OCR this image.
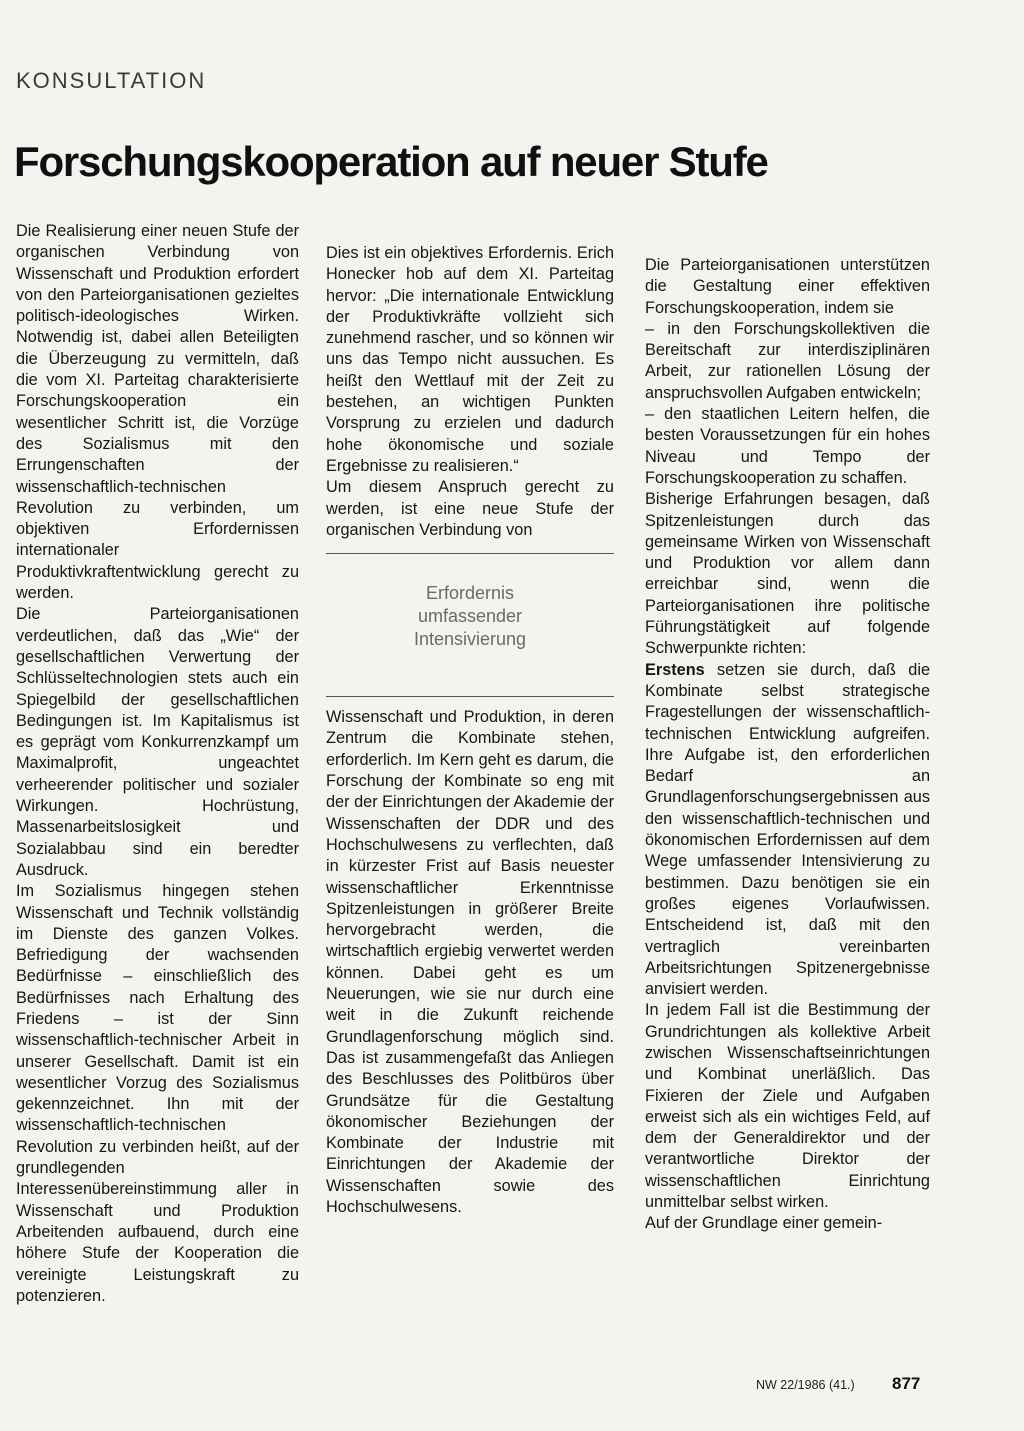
KONSULTATION
Forschungskooperation auf neuer Stufe

Die Realisierung einer neuen Stufe der organischen Verbindung von Wissenschaft und Produktion erfordert von den Parteiorganisationen gezieltes politisch-ideologisches Wirken. Notwendig ist, dabei allen Beteiligten die Überzeugung zu vermitteln, daß die vom XI. Parteitag charakterisierte Forschungskooperation ein wesentlicher Schritt ist, die Vorzüge des Sozialismus mit den Errungenschaften der wissenschaftlich-technischen Revolution zu verbinden, um objektiven Erfordernissen internationaler Produktivkraftentwicklung gerecht zu werden.

Die Parteiorganisationen verdeutlichen, daß das „Wie“ der gesellschaftlichen Verwertung der Schlüsseltechnologien stets auch ein Spiegelbild der gesellschaftlichen Bedingungen ist. Im Kapitalismus ist es geprägt vom Konkurrenzkampf um Maximalprofit, ungeachtet verheerender politischer und sozialer Wirkungen. Hochrüstung, Massenarbeitslosigkeit und Sozialabbau sind ein beredter Ausdruck.

Im Sozialismus hingegen stehen Wissenschaft und Technik vollständig im Dienste des ganzen Volkes. Befriedigung der wachsenden Bedürfnisse – einschließlich des Bedürfnisses nach Erhaltung des Friedens – ist der Sinn wissenschaftlich-technischer Arbeit in unserer Gesellschaft. Damit ist ein wesentlicher Vorzug des Sozialismus gekennzeichnet. Ihn mit der wissenschaftlich-technischen Revolution zu verbinden heißt, auf der grundlegenden Interessenübereinstimmung aller in Wissenschaft und Produktion Arbeitenden aufbauend, durch eine höhere Stufe der Kooperation die vereinigte Leistungskraft zu potenzieren.

Dies ist ein objektives Erfordernis. Erich Honecker hob auf dem XI. Parteitag hervor: „Die internationale Entwicklung der Produktivkräfte vollzieht sich zunehmend rascher, und so können wir uns das Tempo nicht aussuchen. Es heißt den Wettlauf mit der Zeit zu bestehen, an wichtigen Punkten Vorsprung zu erzielen und dadurch hohe ökonomische und soziale Ergebnisse zu realisieren.“

Um diesem Anspruch gerecht zu werden, ist eine neue Stufe der organischen Verbindung von

Erfordernis
umfassender
Intensivierung

Wissenschaft und Produktion, in deren Zentrum die Kombinate stehen, erforderlich. Im Kern geht es darum, die Forschung der Kombinate so eng mit der der Einrichtungen der Akademie der Wissenschaften der DDR und des Hochschulwesens zu verflechten, daß in kürzester Frist auf Basis neuester wissenschaftlicher Erkenntnisse Spitzenleistungen in größerer Breite hervorgebracht werden, die wirtschaftlich ergiebig verwertet werden können. Dabei geht es um Neuerungen, wie sie nur durch eine weit in die Zukunft reichende Grundlagenforschung möglich sind. Das ist zusammengefaßt das Anliegen des Beschlusses des Politbüros über Grundsätze für die Gestaltung ökonomischer Beziehungen der Kombinate der Industrie mit Einrichtungen der Akademie der Wissenschaften sowie des Hochschulwesens.

Die Parteiorganisationen unterstützen die Gestaltung einer effektiven Forschungskooperation, indem sie

– in den Forschungskollektiven die Bereitschaft zur interdisziplinären Arbeit, zur rationellen Lösung der anspruchsvollen Aufgaben entwickeln;

– den staatlichen Leitern helfen, die besten Voraussetzungen für ein hohes Niveau und Tempo der Forschungskooperation zu schaffen.

Bisherige Erfahrungen besagen, daß Spitzenleistungen durch das gemeinsame Wirken von Wissenschaft und Produktion vor allem dann erreichbar sind, wenn die Parteiorganisationen ihre politische Führungstätigkeit auf folgende Schwerpunkte richten:

Erstens setzen sie durch, daß die Kombinate selbst strategische Fragestellungen der wissenschaftlich-technischen Entwicklung aufgreifen. Ihre Aufgabe ist, den erforderlichen Bedarf an Grundlagenforschungsergebnissen aus den wissenschaftlich-technischen und ökonomischen Erfordernissen auf dem Wege umfassender Intensivierung zu bestimmen. Dazu benötigen sie ein großes eigenes Vorlaufwissen. Entscheidend ist, daß mit den vertraglich vereinbarten Arbeitsrichtungen Spitzenergebnisse anvisiert werden.

In jedem Fall ist die Bestimmung der Grundrichtungen als kollektive Arbeit zwischen Wissenschaftseinrichtungen und Kombinat unerläßlich. Das Fixieren der Ziele und Aufgaben erweist sich als ein wichtiges Feld, auf dem der Generaldirektor und der verantwortliche Direktor der wissenschaftlichen Einrichtung unmittelbar selbst wirken.

Auf der Grundlage einer gemein-

NW 22/1986 (41.) 877
